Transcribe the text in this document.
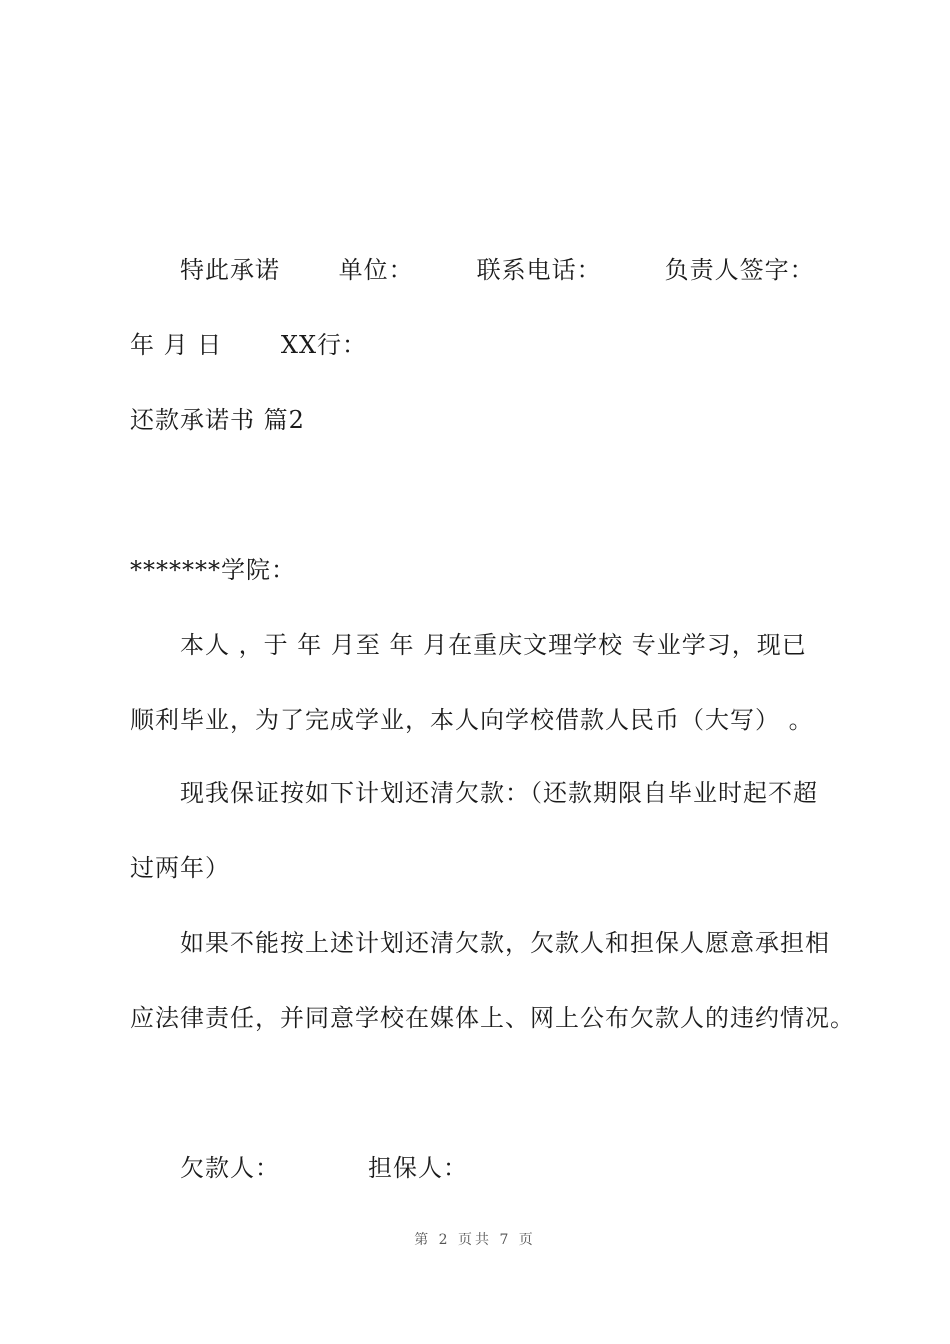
特此承诺　　 单位：　　　联系电话：　　　负责人签字：
年 月 日　　 XX行：
还款承诺书 篇2
*******学院：
本人 ，于 年 月至 年 月在重庆文理学校 专业学习，现已
顺利毕业，为了完成学业，本人向学校借款人民币（大写） 。
现我保证按如下计划还清欠款：（还款期限自毕业时起不超
过两年）
如果不能按上述计划还清欠款，欠款人和担保人愿意承担相
应法律责任，并同意学校在媒体上、网上公布欠款人的违约情况。
欠款人：　　　　担保人：
第 2 页共 7 页
